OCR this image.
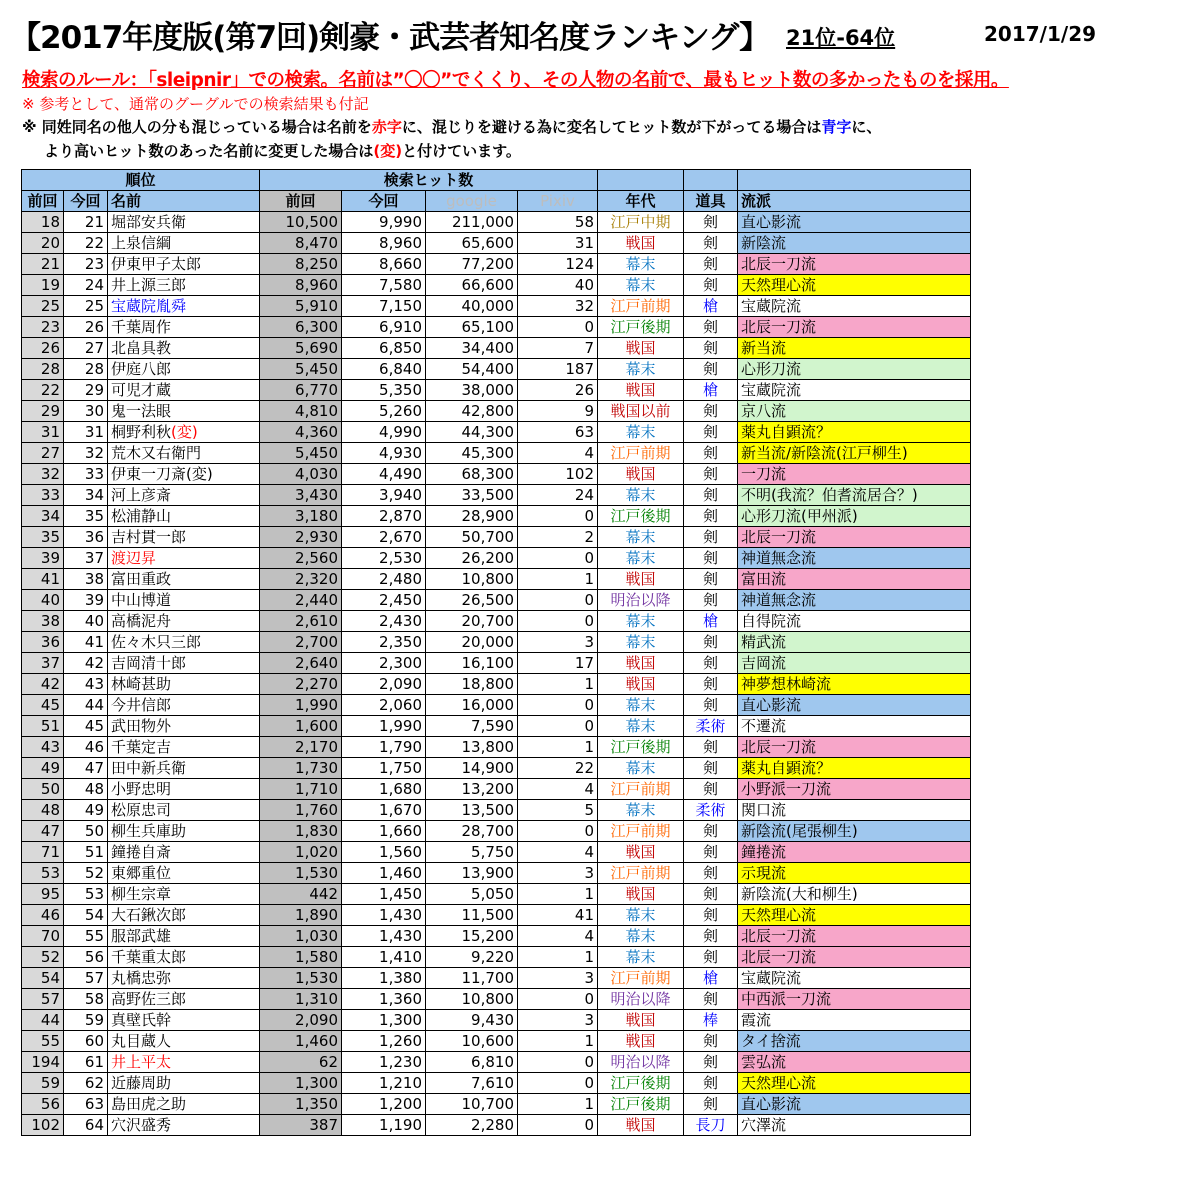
【2017年度版(第7回)剣豪・武芸者知名度ランキング】 21位-64位	2017/1/29
検索のルール：「sleipnir」での検索。名前は”〇〇”でくくり、その人物の名前で、最もヒット数の多かったものを採用。
※ 参考として、通常のグーグルでの検索結果も付記
※ 同姓同名の他人の分も混じっている場合は名前を赤字に、混じりを避ける為に変名してヒット数が下がってる場合は青字に、
より高いヒット数のあった名前に変更した場合は(変)と付けています。
順位			検索ヒット数						
前回	今回	名前	前回	今回	google	Pixiv	年代	道具	流派
18	21	堀部安兵衛	10,500	9,990	211,000	58	江戸中期	剣	直心影流
20	22	上泉信綱	8,470	8,960	65,600	31	戦国	剣	新陰流
21	23	伊東甲子太郎	8,250	8,660	77,200	124	幕末	剣	北辰一刀流
19	24	井上源三郎	8,960	7,580	66,600	40	幕末	剣	天然理心流
25	25	宝蔵院胤舜	5,910	7,150	40,000	32	江戸前期	槍	宝蔵院流
23	26	千葉周作	6,300	6,910	65,100	0	江戸後期	剣	北辰一刀流
26	27	北畠具教	5,690	6,850	34,400	7	戦国	剣	新当流
28	28	伊庭八郎	5,450	6,840	54,400	187	幕末	剣	心形刀流
22	29	可児才蔵	6,770	5,350	38,000	26	戦国	槍	宝蔵院流
29	30	鬼一法眼	4,810	5,260	42,800	9	戦国以前	剣	京八流
31	31	桐野利秋(変)	4,360	4,990	44,300	63	幕末	剣	薬丸自顕流？
27	32	荒木又右衛門	5,450	4,930	45,300	4	江戸前期	剣	新当流/新陰流(江戸柳生)
32	33	伊東一刀斎(変)	4,030	4,490	68,300	102	戦国	剣	一刀流
33	34	河上彦斎	3,430	3,940	33,500	24	幕末	剣	不明(我流？伯耆流居合？)
34	35	松浦静山	3,180	2,870	28,900	0	江戸後期	剣	心形刀流(甲州派)
35	36	吉村貫一郎	2,930	2,670	50,700	2	幕末	剣	北辰一刀流
39	37	渡辺昇	2,560	2,530	26,200	0	幕末	剣	神道無念流
41	38	富田重政	2,320	2,480	10,800	1	戦国	剣	富田流
40	39	中山博道	2,440	2,450	26,500	0	明治以降	剣	神道無念流
38	40	高橋泥舟	2,610	2,430	20,700	0	幕末	槍	自得院流
36	41	佐々木只三郎	2,700	2,350	20,000	3	幕末	剣	精武流
37	42	吉岡清十郎	2,640	2,300	16,100	17	戦国	剣	吉岡流
42	43	林崎甚助	2,270	2,090	18,800	1	戦国	剣	神夢想林崎流
45	44	今井信郎	1,990	2,060	16,000	0	幕末	剣	直心影流
51	45	武田物外	1,600	1,990	7,590	0	幕末	柔術	不遷流
43	46	千葉定吉	2,170	1,790	13,800	1	江戸後期	剣	北辰一刀流
49	47	田中新兵衛	1,730	1,750	14,900	22	幕末	剣	薬丸自顕流？
50	48	小野忠明	1,710	1,680	13,200	4	江戸前期	剣	小野派一刀流
48	49	松原忠司	1,760	1,670	13,500	5	幕末	柔術	関口流
47	50	柳生兵庫助	1,830	1,660	28,700	0	江戸前期	剣	新陰流(尾張柳生)
71	51	鐘捲自斎	1,020	1,560	5,750	4	戦国	剣	鐘捲流
53	52	東郷重位	1,530	1,460	13,900	3	江戸前期	剣	示現流
95	53	柳生宗章	442	1,450	5,050	1	戦国	剣	新陰流(大和柳生)
46	54	大石鍬次郎	1,890	1,430	11,500	41	幕末	剣	天然理心流
70	55	服部武雄	1,030	1,430	15,200	4	幕末	剣	北辰一刀流
52	56	千葉重太郎	1,580	1,410	9,220	1	幕末	剣	北辰一刀流
54	57	丸橋忠弥	1,530	1,380	11,700	3	江戸前期	槍	宝蔵院流
57	58	高野佐三郎	1,310	1,360	10,800	0	明治以降	剣	中西派一刀流
44	59	真壁氏幹	2,090	1,300	9,430	3	戦国	棒	霞流
55	60	丸目蔵人	1,460	1,260	10,600	1	戦国	剣	タイ捨流
194	61	井上平太	62	1,230	6,810	0	明治以降	剣	雲弘流
59	62	近藤周助	1,300	1,210	7,610	0	江戸後期	剣	天然理心流
56	63	島田虎之助	1,350	1,200	10,700	1	江戸後期	剣	直心影流
102	64	穴沢盛秀	387	1,190	2,280	0	戦国	長刀	穴澤流
